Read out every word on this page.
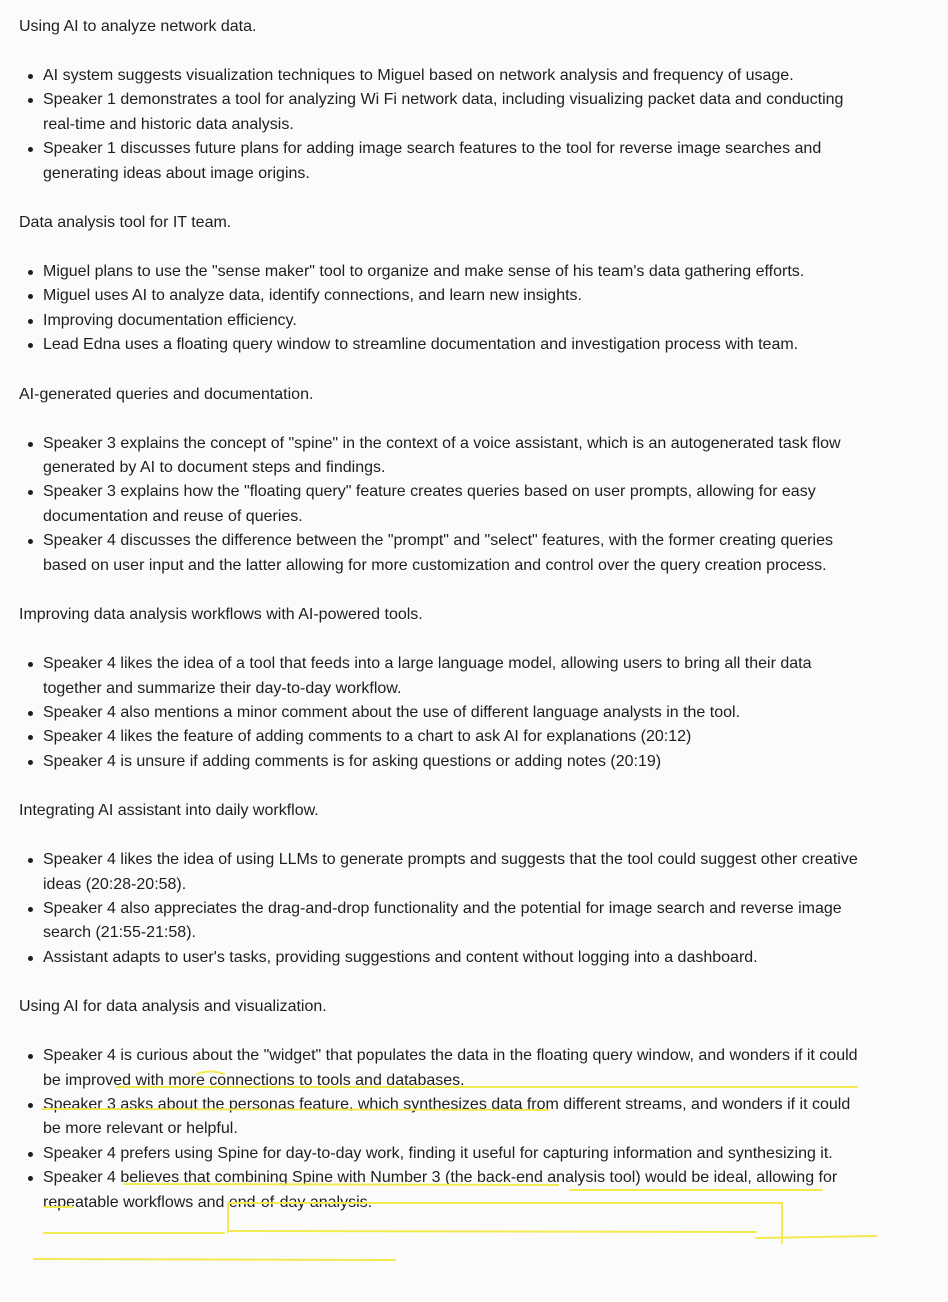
Using AI to analyze network data.

AI system suggests visualization techniques to Miguel based on network analysis and frequency of usage.
Speaker 1 demonstrates a tool for analyzing Wi Fi network data, including visualizing packet data and conducting real-time and historic data analysis.
Speaker 1 discusses future plans for adding image search features to the tool for reverse image searches and generating ideas about image origins.

Data analysis tool for IT team.

Miguel plans to use the "sense maker" tool to organize and make sense of his team's data gathering efforts.
Miguel uses AI to analyze data, identify connections, and learn new insights.
Improving documentation efficiency.
Lead Edna uses a floating query window to streamline documentation and investigation process with team.

AI-generated queries and documentation.

Speaker 3 explains the concept of "spine" in the context of a voice assistant, which is an autogenerated task flow generated by AI to document steps and findings.
Speaker 3 explains how the "floating query" feature creates queries based on user prompts, allowing for easy documentation and reuse of queries.
Speaker 4 discusses the difference between the "prompt" and "select" features, with the former creating queries based on user input and the latter allowing for more customization and control over the query creation process.

Improving data analysis workflows with AI-powered tools.

Speaker 4 likes the idea of a tool that feeds into a large language model, allowing users to bring all their data together and summarize their day-to-day workflow.
Speaker 4 also mentions a minor comment about the use of different language analysts in the tool.
Speaker 4 likes the feature of adding comments to a chart to ask AI for explanations (20:12)
Speaker 4 is unsure if adding comments is for asking questions or adding notes (20:19)

Integrating AI assistant into daily workflow.

Speaker 4 likes the idea of using LLMs to generate prompts and suggests that the tool could suggest other creative ideas (20:28-20:58).
Speaker 4 also appreciates the drag-and-drop functionality and the potential for image search and reverse image search (21:55-21:58).
Assistant adapts to user's tasks, providing suggestions and content without logging into a dashboard.

Using AI for data analysis and visualization.

Speaker 4 is curious about the "widget" that populates the data in the floating query window, and wonders if it could be improved with more connections to tools and databases.
Speaker 3 asks about the personas feature, which synthesizes data from different streams, and wonders if it could be more relevant or helpful.
Speaker 4 prefers using Spine for day-to-day work, finding it useful for capturing information and synthesizing it.
Speaker 4 believes that combining Spine with Number 3 (the back-end analysis tool) would be ideal, allowing for repeatable workflows and end-of-day analysis.
